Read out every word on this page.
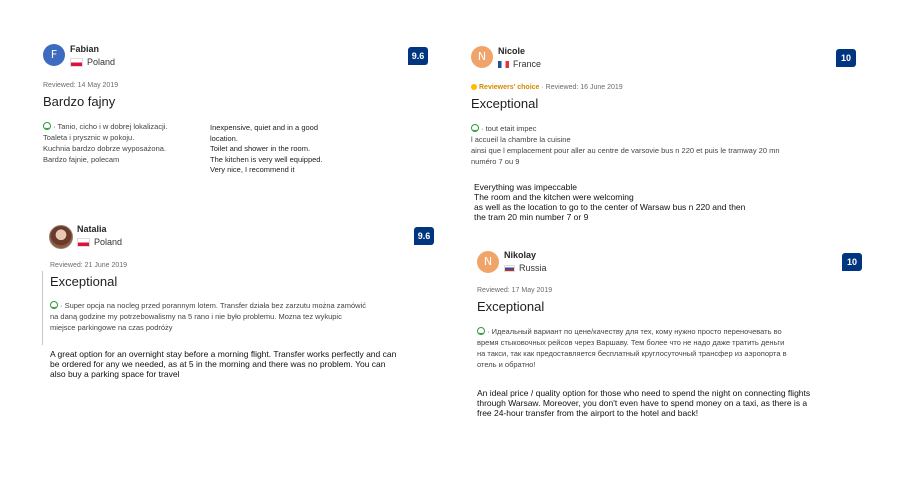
F	Fabian
Poland
9.6
Reviewed: 14 May 2019
Bardzo fajny
· Tanio, cicho i w dobrej lokalizacji.
Toaleta i prysznic w pokoju.
Kuchnia bardzo dobrze wyposażona.
Bardzo fajnie, polecam
Inexpensive, quiet and in a good
location.
Toilet and shower in the room.
The kitchen is very well equipped.
Very nice, I recommend it
Natalia
Poland
9.6
Reviewed: 21 June 2019
Exceptional
· Super opcja na nocleg przed porannym lotem. Transfer działa bez zarzutu można zamówić
na daną godzine my potrzebowalismy na 5 rano i nie było problemu. Mozna tez wykupic
miejsce parkingowe na czas podróży
A great option for an overnight stay before a morning flight. Transfer works perfectly and can
be ordered for any we needed, as at 5 in the morning and there was no problem. You can
also buy a parking space for travel
N	Nicole
France
10
Reviewers' choice · Reviewed: 16 June 2019
Exceptional
· tout etait impec
l accueil la chambre la cuisine
ainsi que l emplacement pour aller au centre de varsovie bus n 220 et puis le tramway 20 mn
numéro 7 ou 9
Everything was impeccable
The room and the kitchen were welcoming
as well as the location to go to the center of Warsaw bus n 220 and then
the tram 20 min number 7 or 9
N	Nikolay
Russia
10
Reviewed: 17 May 2019
Exceptional
· Идеальный вариант по цене/качеству для тех, кому нужно просто переночевать во
время стыковочных рейсов через Варшаву. Тем более что не надо даже тратить деньги
на такси, так как предоставляется бесплатный круглосуточный трансфер из аэропорта в
отель и обратно!
An ideal price / quality option for those who need to spend the night on connecting flights
through Warsaw. Moreover, you don't even have to spend money on a taxi, as there is a
free 24-hour transfer from the airport to the hotel and back!
